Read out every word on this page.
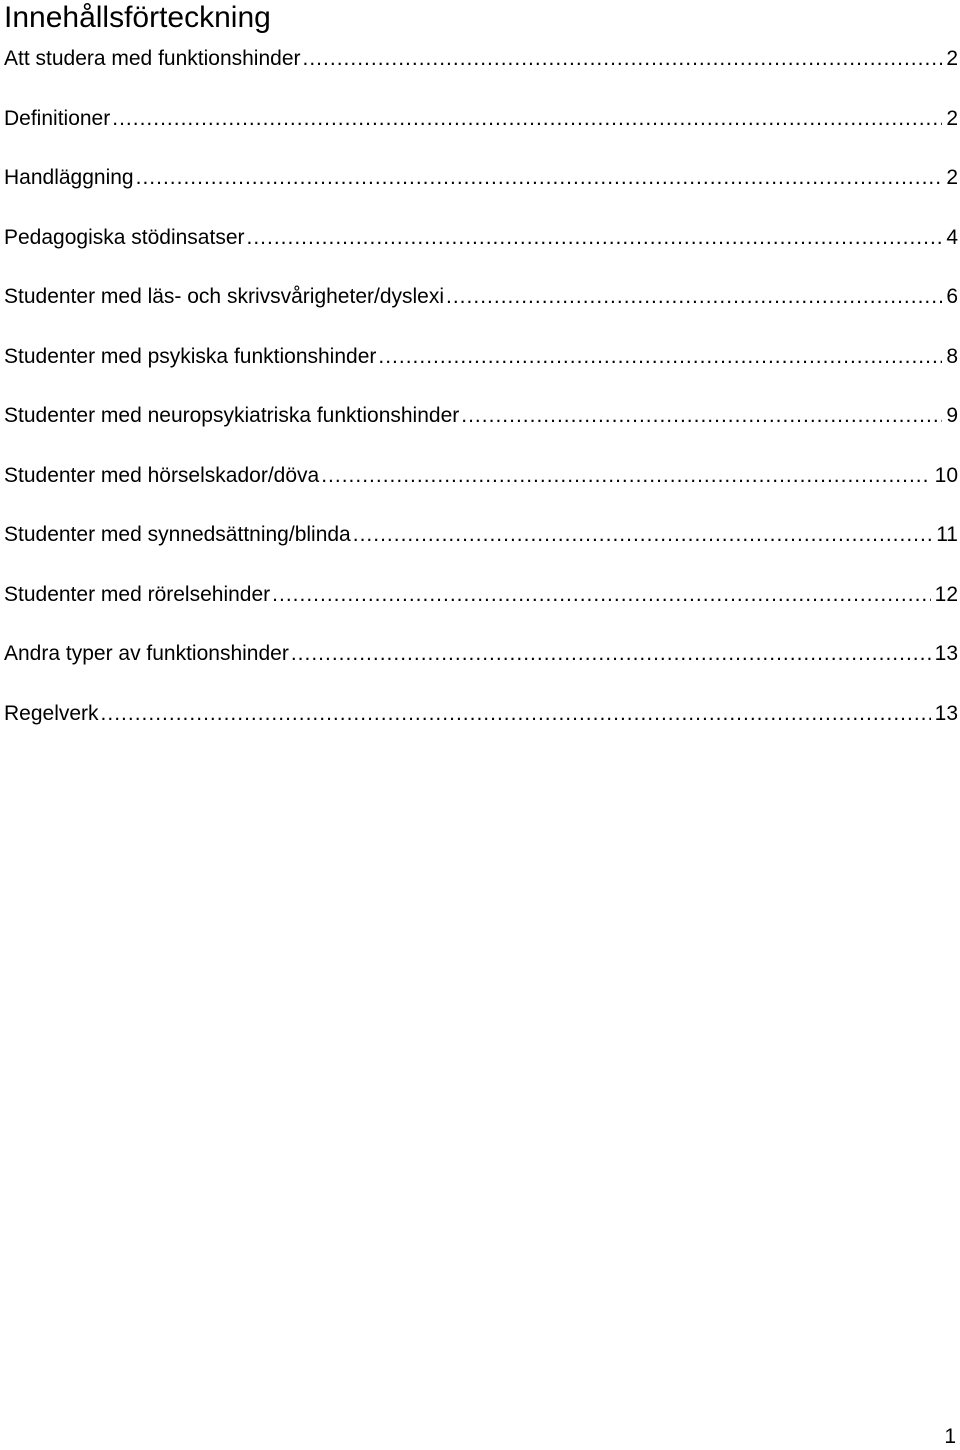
Innehållsförteckning
Att studera med funktionshinder .....	2
Definitioner .....	2
Handläggning .....	2
Pedagogiska stödinsatser .....	4
Studenter med läs- och skrivsvårigheter/dyslexi .....	6
Studenter med psykiska funktionshinder .....	8
Studenter med neuropsykiatriska funktionshinder .....	9
Studenter med hörselskador/döva .....	10
Studenter med synnedsättning/blinda .....	11
Studenter med rörelsehinder .....	12
Andra typer av funktionshinder .....	13
Regelverk .....	13
1
